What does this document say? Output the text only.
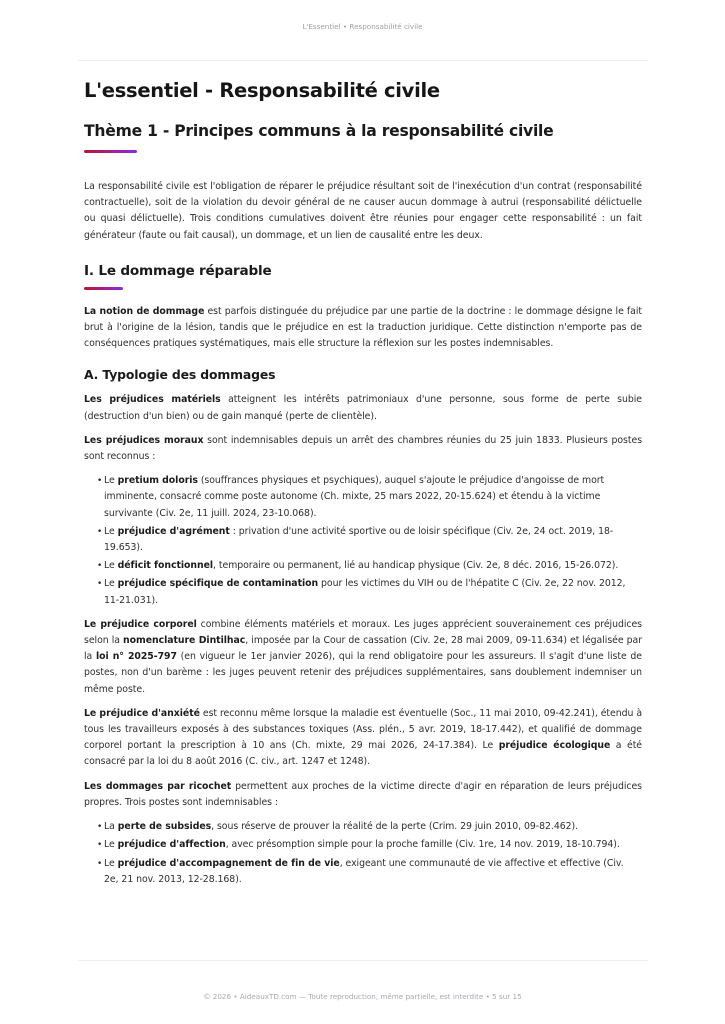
L'Essentiel • Responsabilité civile
L'essentiel - Responsabilité civile
Thème 1 - Principes communs à la responsabilité civile

La responsabilité civile est l'obligation de réparer le préjudice résultant soit de l'inexécution d'un contrat (responsabilité contractuelle), soit de la violation du devoir général de ne causer aucun dommage à autrui (responsabilité délictuelle ou quasi délictuelle). Trois conditions cumulatives doivent être réunies pour engager cette responsabilité : un fait générateur (faute ou fait causal), un dommage, et un lien de causalité entre les deux.

I. Le dommage réparable

La notion de dommage est parfois distinguée du préjudice par une partie de la doctrine : le dommage désigne le fait brut à l'origine de la lésion, tandis que le préjudice en est la traduction juridique. Cette distinction n'emporte pas de conséquences pratiques systématiques, mais elle structure la réflexion sur les postes indemnisables.

A. Typologie des dommages

Les préjudices matériels atteignent les intérêts patrimoniaux d'une personne, sous forme de perte subie (destruction d'un bien) ou de gain manqué (perte de clientèle).

Les préjudices moraux sont indemnisables depuis un arrêt des chambres réunies du 25 juin 1833. Plusieurs postes sont reconnus :

• Le pretium doloris (souffrances physiques et psychiques), auquel s'ajoute le préjudice d'angoisse de mort imminente, consacré comme poste autonome (Ch. mixte, 25 mars 2022, 20-15.624) et étendu à la victime survivante (Civ. 2e, 11 juill. 2024, 23-10.068).
• Le préjudice d'agrément : privation d'une activité sportive ou de loisir spécifique (Civ. 2e, 24 oct. 2019, 18-19.653).
• Le déficit fonctionnel, temporaire ou permanent, lié au handicap physique (Civ. 2e, 8 déc. 2016, 15-26.072).
• Le préjudice spécifique de contamination pour les victimes du VIH ou de l'hépatite C (Civ. 2e, 22 nov. 2012, 11-21.031).

Le préjudice corporel combine éléments matériels et moraux. Les juges apprécient souverainement ces préjudices selon la nomenclature Dintilhac, imposée par la Cour de cassation (Civ. 2e, 28 mai 2009, 09-11.634) et légalisée par la loi n° 2025-797 (en vigueur le 1er janvier 2026), qui la rend obligatoire pour les assureurs. Il s'agit d'une liste de postes, non d'un barème : les juges peuvent retenir des préjudices supplémentaires, sans doublement indemniser un même poste.

Le préjudice d'anxiété est reconnu même lorsque la maladie est éventuelle (Soc., 11 mai 2010, 09-42.241), étendu à tous les travailleurs exposés à des substances toxiques (Ass. plén., 5 avr. 2019, 18-17.442), et qualifié de dommage corporel portant la prescription à 10 ans (Ch. mixte, 29 mai 2026, 24-17.384). Le préjudice écologique a été consacré par la loi du 8 août 2016 (C. civ., art. 1247 et 1248).

Les dommages par ricochet permettent aux proches de la victime directe d'agir en réparation de leurs préjudices propres. Trois postes sont indemnisables :

• La perte de subsides, sous réserve de prouver la réalité de la perte (Crim. 29 juin 2010, 09-82.462).
• Le préjudice d'affection, avec présomption simple pour la proche famille (Civ. 1re, 14 nov. 2019, 18-10.794).
• Le préjudice d'accompagnement de fin de vie, exigeant une communauté de vie affective et effective (Civ. 2e, 21 nov. 2013, 12-28.168).
© 2026 • AideauxTD.com — Toute reproduction, même partielle, est interdite • 5 sur 15
